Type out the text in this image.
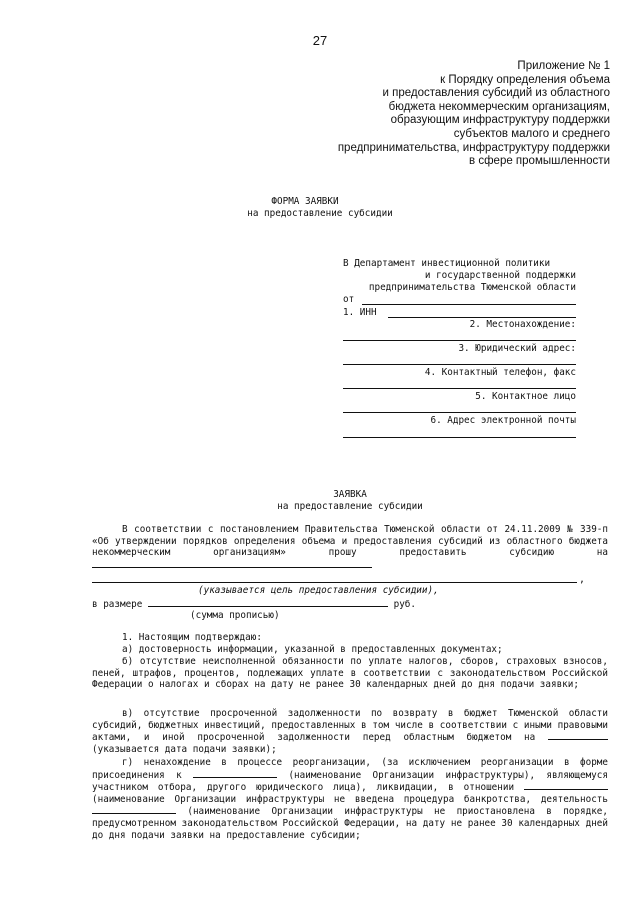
27
Приложение № 1
к Порядку определения объема
и предоставления субсидий из областного
бюджета некоммерческим организациям,
образующим инфраструктуру поддержки
субъектов малого и среднего
предпринимательства, инфраструктуру поддержки
в сфере промышленности
ФОРМА ЗАЯВКИ
на предоставление субсидии
В Департамент инвестиционной политики
и государственной поддержки
предпринимательства Тюменской области
от
1. ИНН
2. Местонахождение:
3. Юридический адрес:
4. Контактный телефон, факс
5. Контактное лицо
6. Адрес электронной почты
ЗАЯВКА
на предоставление субсидии
В соответствии с постановлением Правительства Тюменской области от 24.11.2009 № 339-п «Об утверждении порядков определения объема и предоставления субсидий из областного бюджета некоммерческим организациям» прошу предоставить субсидию на
,
(указывается цель предоставления субсидии),
в размере	руб.
(сумма прописью)
1. Настоящим подтверждаю:
а) достоверность информации, указанной в предоставленных документах;
б) отсутствие неисполненной обязанности по уплате налогов, сборов, страховых взносов, пеней, штрафов, процентов, подлежащих уплате в соответствии с законодательством Российской Федерации о налогах и сборах на дату не ранее 30 календарных дней до дня подачи заявки;
в) отсутствие просроченной задолженности по возврату в бюджет Тюменской области субсидий, бюджетных инвестиций, предоставленных в том числе в соответствии с иными правовыми актами, и иной просроченной задолженности перед областным бюджетом на  (указывается дата подачи заявки);
г) ненахождение в процессе реорганизации, (за исключением реорганизации в форме присоединения к	(наименование Организации инфраструктуры), являющемуся участником отбора, другого юридического лица), ликвидации, в отношении  (наименование Организации инфраструктуры не введена процедура банкротства, деятельность  (наименование Организации инфраструктуры не приостановлена в порядке, предусмотренном законодательством Российской Федерации, на дату не ранее 30 календарных дней до дня подачи заявки на предоставление субсидии;
